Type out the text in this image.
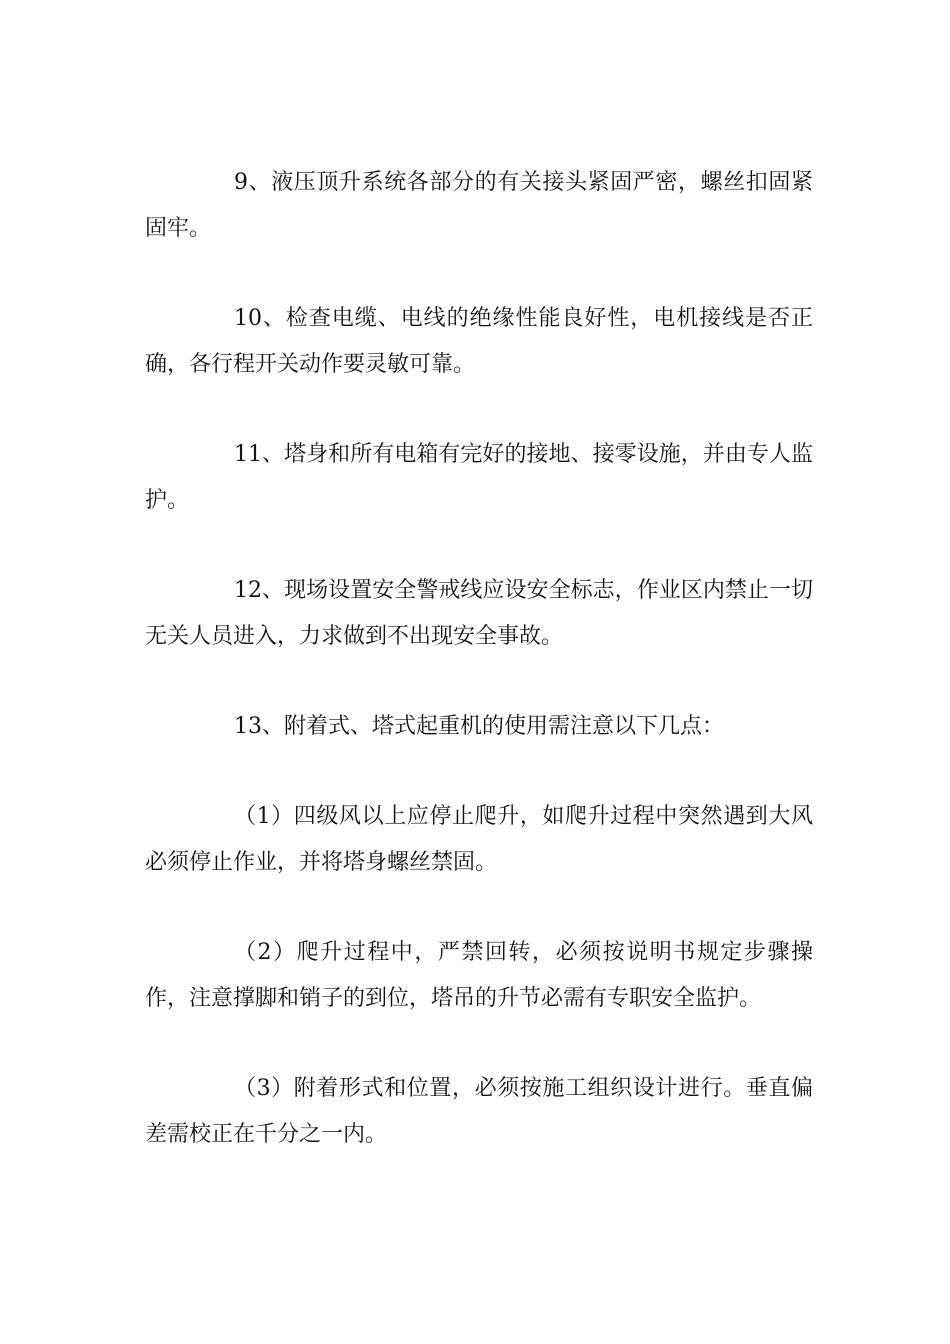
9、液压顶升系统各部分的有关接头紧固严密，螺丝扣固紧固牢。

10、检查电缆、电线的绝缘性能良好性，电机接线是否正确，各行程开关动作要灵敏可靠。

11、塔身和所有电箱有完好的接地、接零设施，并由专人监护。

12、现场设置安全警戒线应设安全标志，作业区内禁止一切无关人员进入，力求做到不出现安全事故。

13、附着式、塔式起重机的使用需注意以下几点：

（1）四级风以上应停止爬升，如爬升过程中突然遇到大风必须停止作业，并将塔身螺丝禁固。

（2）爬升过程中，严禁回转，必须按说明书规定步骤操作，注意撑脚和销子的到位，塔吊的升节必需有专职安全监护。

（3）附着形式和位置，必须按施工组织设计进行。垂直偏差需校正在千分之一内。
